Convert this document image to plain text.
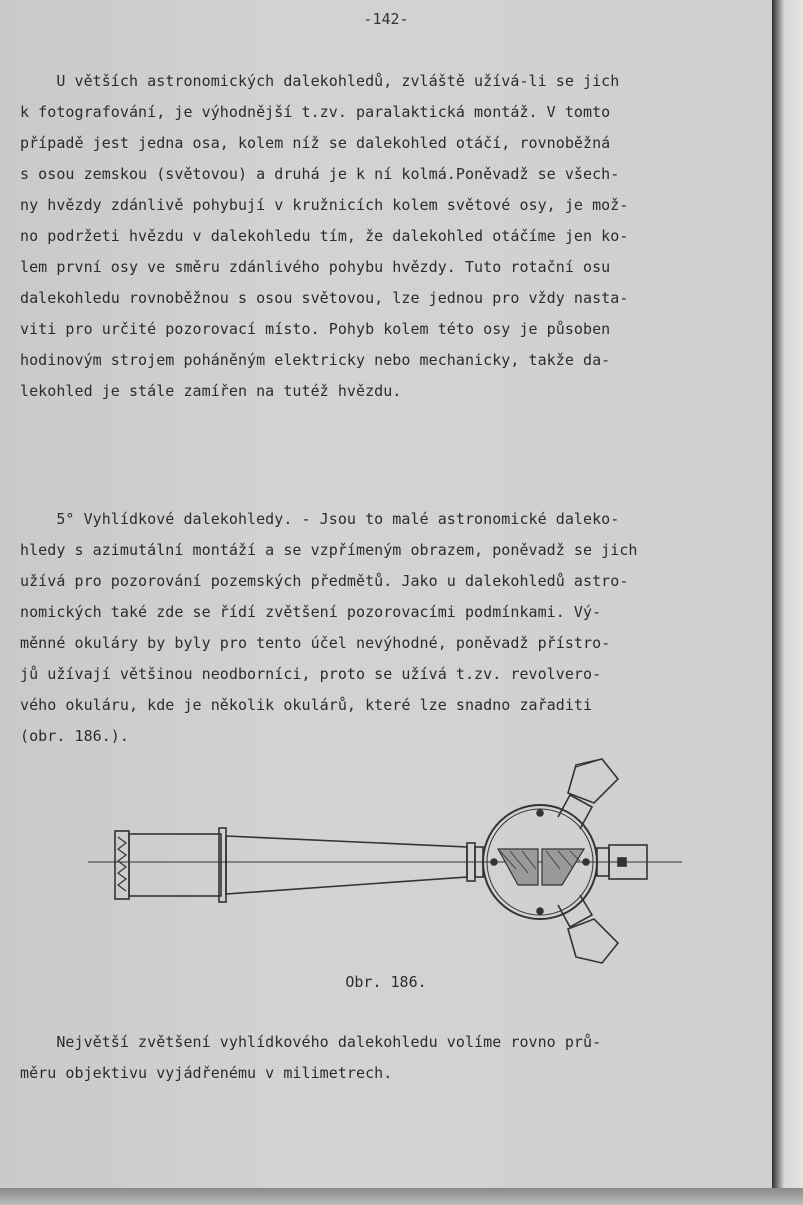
-142-
U větších astronomických dalekohledů, zvláště užívá-li se jich
k fotografování, je výhodnější t.zv. paralaktická montáž. V tomto
případě jest jedna osa, kolem níž se dalekohled otáčí, rovnoběžná
s osou zemskou (světovou) a druhá je k ní kolmá.Poněvadž se všech-
ny hvězdy zdánlivě pohybují v kružnicích kolem světové osy, je mož-
no podržeti hvězdu v dalekohledu tím, že dalekohled otáčíme jen ko-
lem první osy ve směru zdánlivého pohybu hvězdy. Tuto rotační osu
dalekohledu rovnoběžnou s osou světovou, lze jednou pro vždy nasta-
viti pro určité pozorovací místo. Pohyb kolem této osy je působen
hodinovým strojem poháněným elektricky nebo mechanicky, takže da-
lekohled je stále zamířen na tutéž hvězdu.
5° Vyhlídkové dalekohledy. - Jsou to malé astronomické daleko-
hledy s azimutální montáží a se vzpřímeným obrazem, poněvadž se jich
užívá pro pozorování pozemských předmětů. Jako u dalekohledů astro-
nomických také zde se řídí zvětšení pozorovacími podmínkami. Vý-
měnné okuláry by byly pro tento účel nevýhodné, poněvadž přístro-
jů užívají většinou neodborníci, proto se užívá t.zv. revolvero-
vého okuláru, kde je několik okulárů, které lze snadno zařaditi
(obr. 186.).
Obr. 186.
Největší zvětšení vyhlídkového dalekohledu volíme rovno prů-
měru objektivu vyjádřenému v milimetrech.
